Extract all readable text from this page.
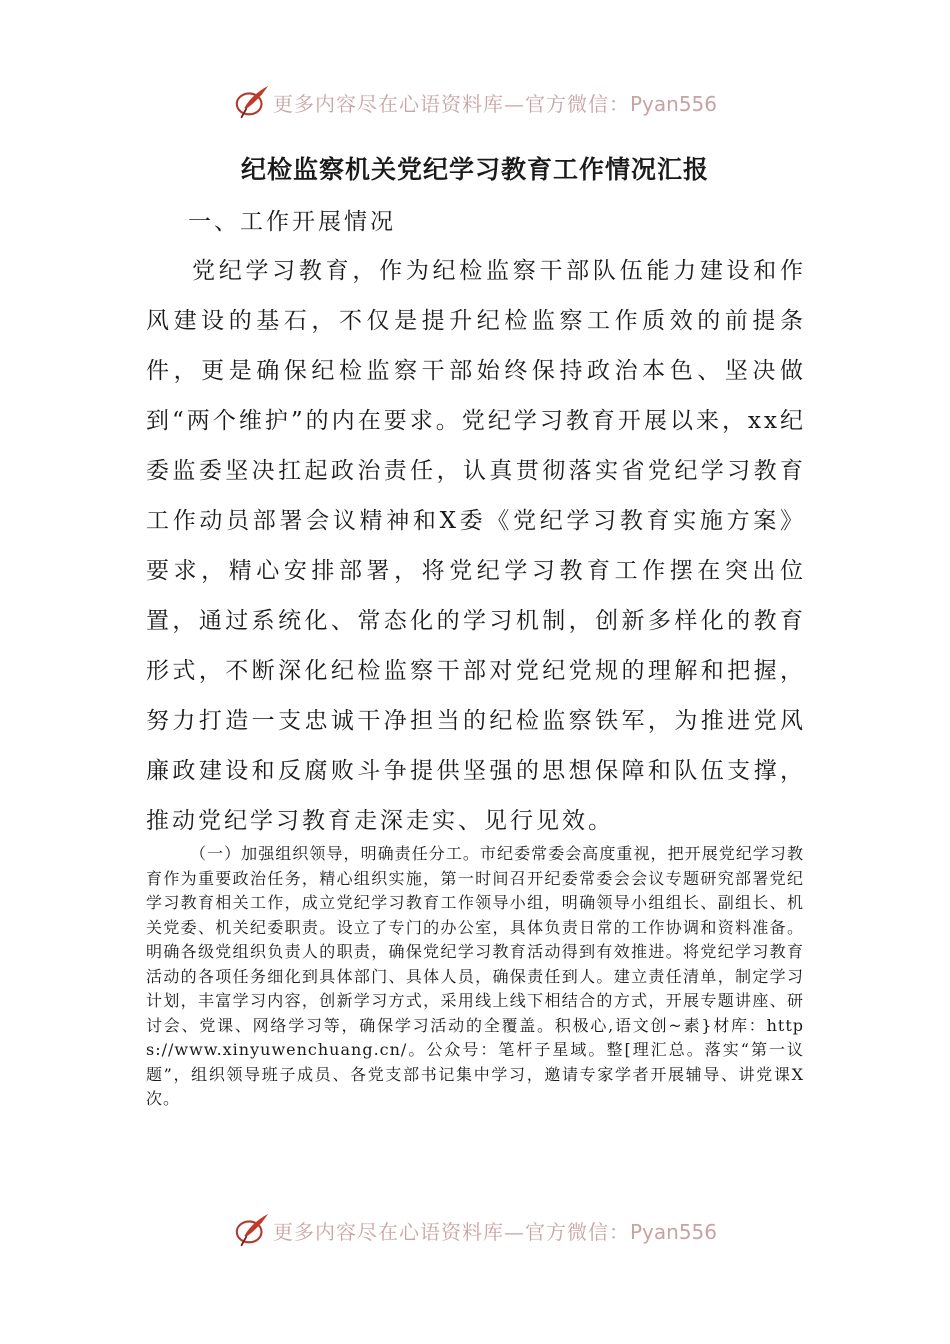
更多内容尽在心语资料库—官方微信：Pyan556
纪检监察机关党纪学习教育工作情况汇报
一、工作开展情况

党纪学习教育，作为纪检监察干部队伍能力建设和作风建设的基石，不仅是提升纪检监察工作质效的前提条件，更是确保纪检监察干部始终保持政治本色、坚决做到“两个维护”的内在要求。党纪学习教育开展以来，xx纪委监委坚决扛起政治责任，认真贯彻落实省党纪学习教育工作动员部署会议精神和X委《党纪学习教育实施方案》要求，精心安排部署，将党纪学习教育工作摆在突出位置，通过系统化、常态化的学习机制，创新多样化的教育形式，不断深化纪检监察干部对党纪党规的理解和把握，努力打造一支忠诚干净担当的纪检监察铁军，为推进党风廉政建设和反腐败斗争提供坚强的思想保障和队伍支撑，推动党纪学习教育走深走实、见行见效。

（一）加强组织领导，明确责任分工。市纪委常委会高度重视，把开展党纪学习教育作为重要政治任务，精心组织实施，第一时间召开纪委常委会会议专题研究部署党纪学习教育相关工作，成立党纪学习教育工作领导小组，明确领导小组组长、副组长、机关党委、机关纪委职责。设立了专门的办公室，具体负责日常的工作协调和资料准备。明确各级党组织负责人的职责，确保党纪学习教育活动得到有效推进。将党纪学习教育活动的各项任务细化到具体部门、具体人员，确保责任到人。建立责任清单，制定学习计划，丰富学习内容，创新学习方式，采用线上线下相结合的方式，开展专题讲座、研讨会、党课、网络学习等，确保学习活动的全覆盖。积极心,语文创~素}材库：https://www.xinyuwenchuang.cn/。公众号：笔杆子星域。整[理汇总。落实“第一议题”，组织领导班子成员、各党支部书记集中学习，邀请专家学者开展辅导、讲党课X次。

更多内容尽在心语资料库—官方微信：Pyan556
